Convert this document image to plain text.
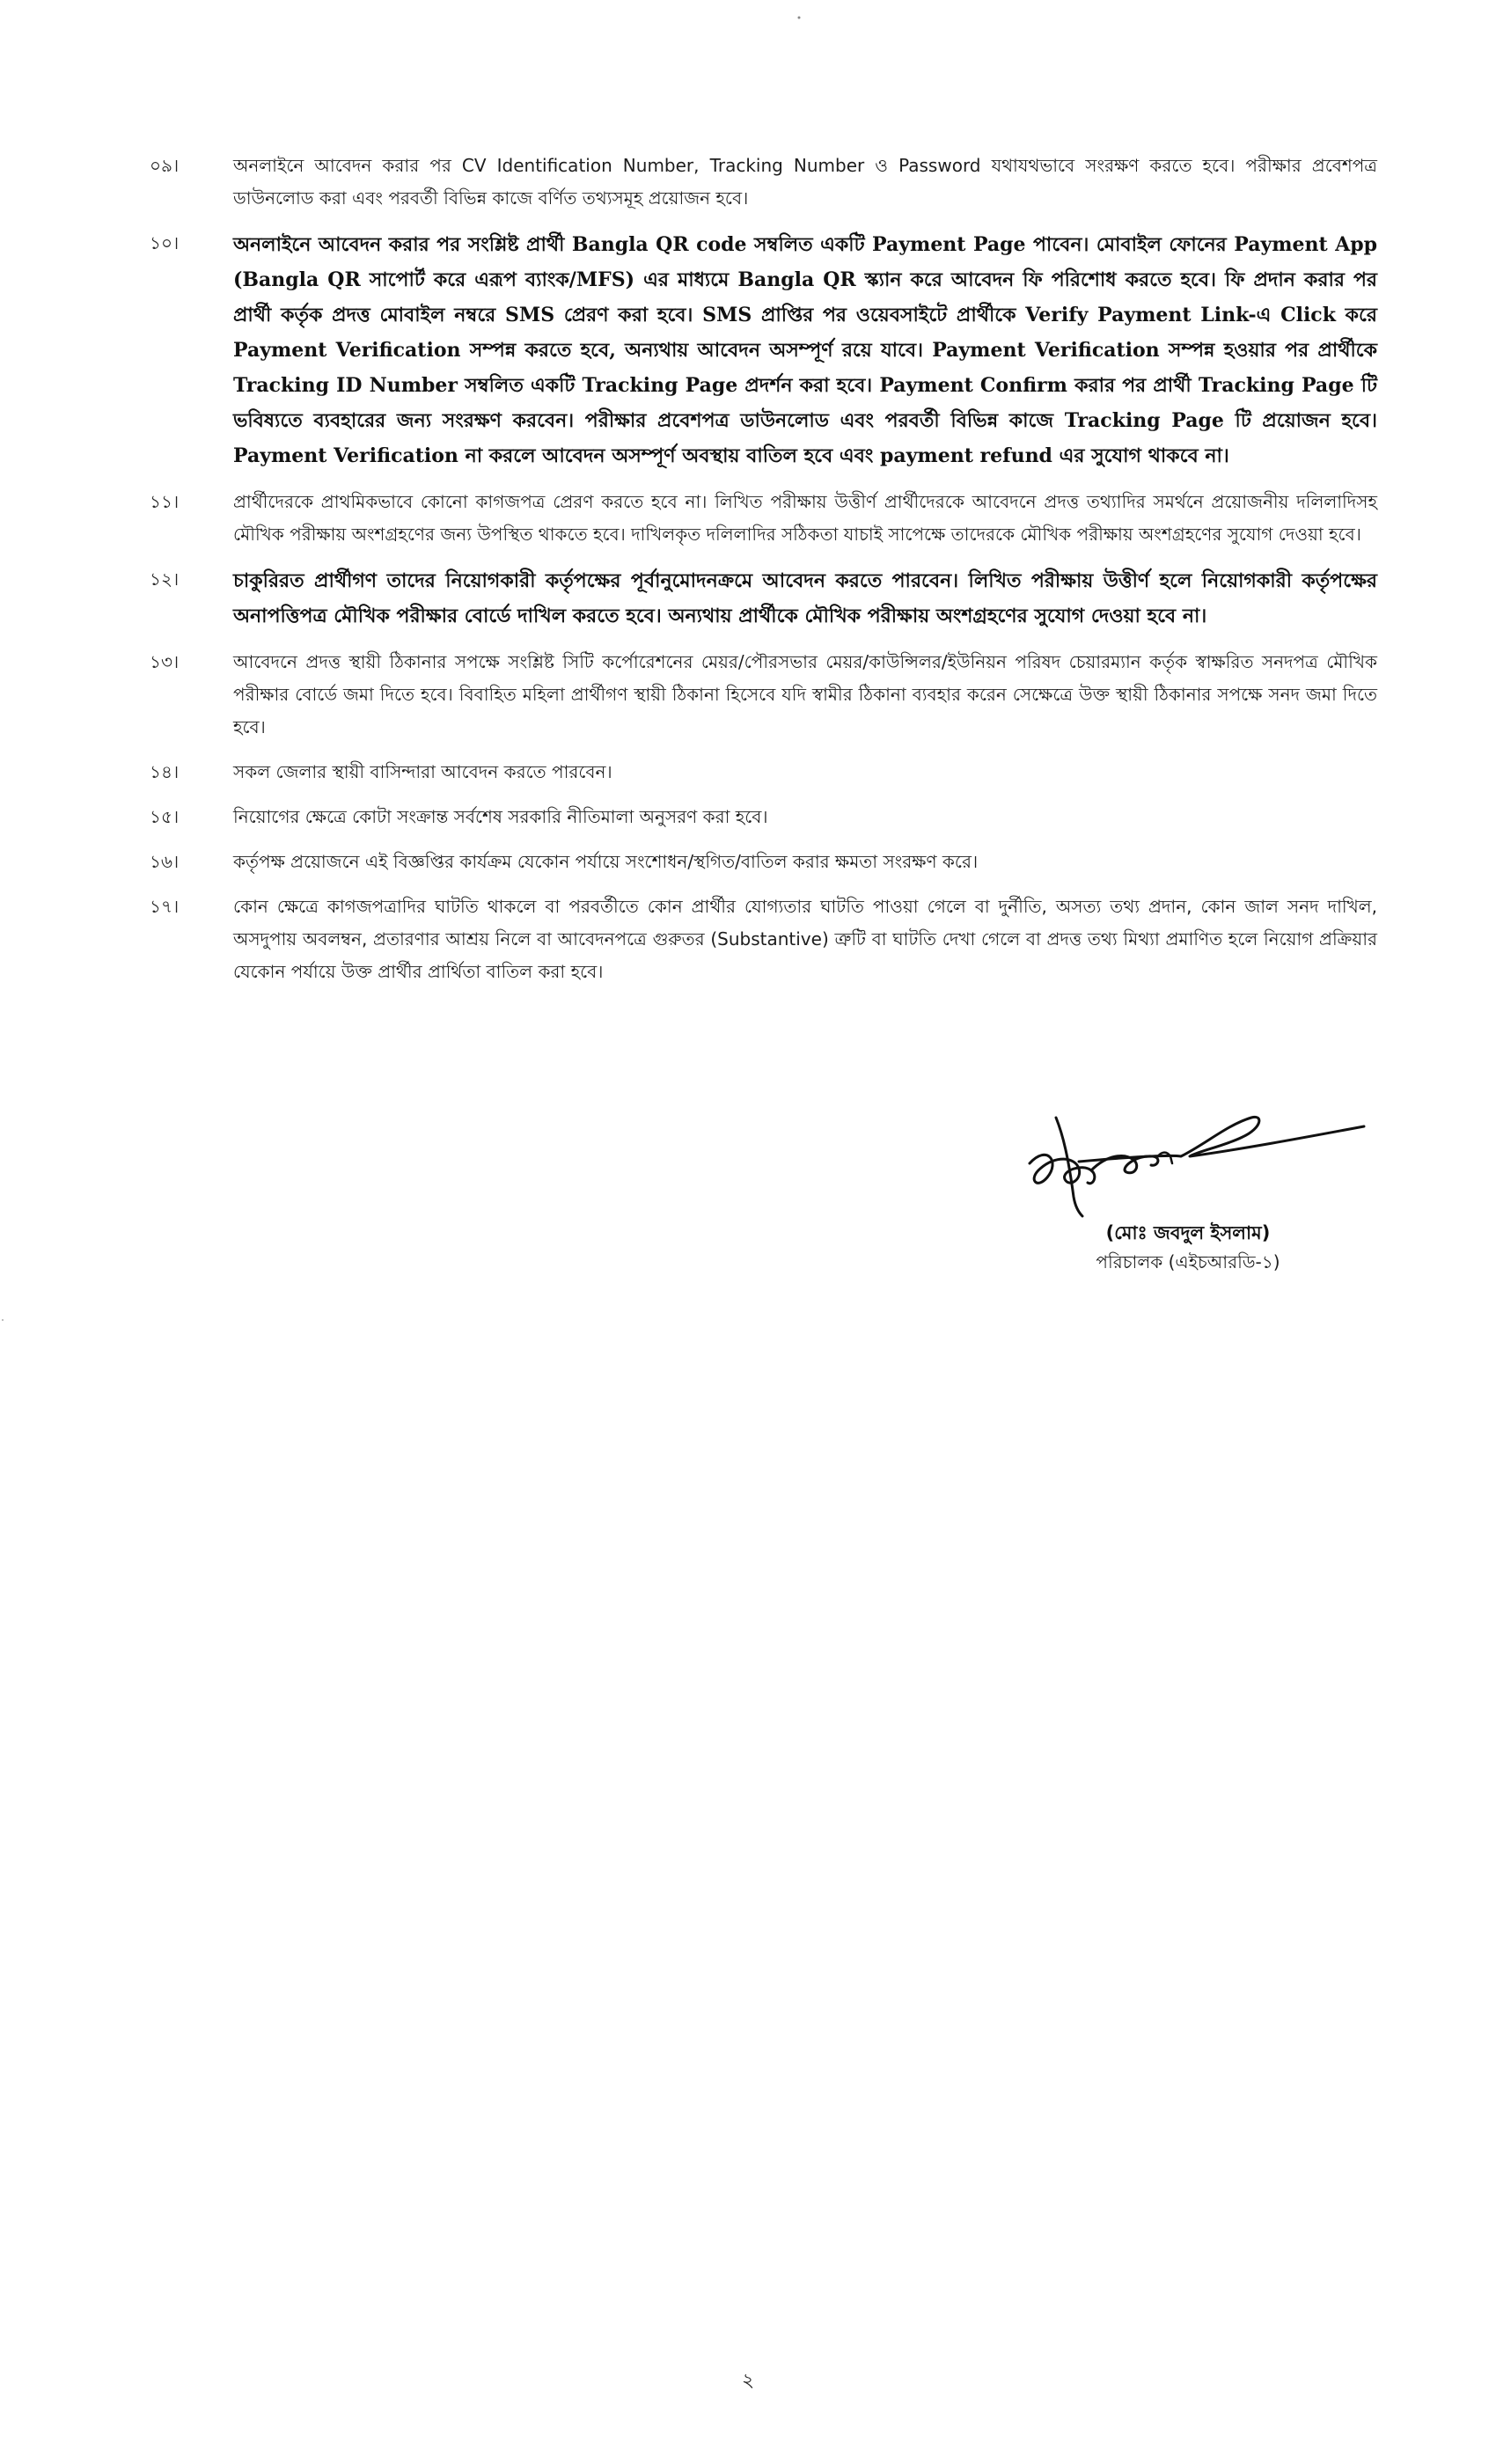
০৯।	অনলাইনে আবেদন করার পর CV Identification Number, Tracking Number ও Password যথাযথভাবে সংরক্ষণ করতে হবে। পরীক্ষার প্রবেশপত্র ডাউনলোড করা এবং পরবর্তী বিভিন্ন কাজে বর্ণিত তথ্যসমূহ প্রয়োজন হবে।
১০।	অনলাইনে আবেদন করার পর সংশ্লিষ্ট প্রার্থী Bangla QR code সম্বলিত একটি Payment Page পাবেন। মোবাইল ফোনের Payment App (Bangla QR সাপোর্ট করে এরূপ ব্যাংক/MFS) এর মাধ্যমে Bangla QR স্ক্যান করে আবেদন ফি পরিশোধ করতে হবে। ফি প্রদান করার পর প্রার্থী কর্তৃক প্রদত্ত মোবাইল নম্বরে SMS প্রেরণ করা হবে। SMS প্রাপ্তির পর ওয়েবসাইটে প্রার্থীকে Verify Payment Link-এ Click করে Payment Verification সম্পন্ন করতে হবে, অন্যথায় আবেদন অসম্পূর্ণ রয়ে যাবে। Payment Verification সম্পন্ন হওয়ার পর প্রার্থীকে Tracking ID Number সম্বলিত একটি Tracking Page প্রদর্শন করা হবে। Payment Confirm করার পর প্রার্থী Tracking Page টি ভবিষ্যতে ব্যবহারের জন্য সংরক্ষণ করবেন। পরীক্ষার প্রবেশপত্র ডাউনলোড এবং পরবর্তী বিভিন্ন কাজে Tracking Page টি প্রয়োজন হবে। Payment Verification না করলে আবেদন অসম্পূর্ণ অবস্থায় বাতিল হবে এবং payment refund এর সুযোগ থাকবে না।
১১।	প্রার্থীদেরকে প্রাথমিকভাবে কোনো কাগজপত্র প্রেরণ করতে হবে না। লিখিত পরীক্ষায় উত্তীর্ণ প্রার্থীদেরকে আবেদনে প্রদত্ত তথ্যাদির সমর্থনে প্রয়োজনীয় দলিলাদিসহ মৌখিক পরীক্ষায় অংশগ্রহণের জন্য উপস্থিত থাকতে হবে। দাখিলকৃত দলিলাদির সঠিকতা যাচাই সাপেক্ষে তাদেরকে মৌখিক পরীক্ষায় অংশগ্রহণের সুযোগ দেওয়া হবে।
১২।	চাকুরিরত প্রার্থীগণ তাদের নিয়োগকারী কর্তৃপক্ষের পূর্বানুমোদনক্রমে আবেদন করতে পারবেন। লিখিত পরীক্ষায় উত্তীর্ণ হলে নিয়োগকারী কর্তৃপক্ষের অনাপত্তিপত্র মৌখিক পরীক্ষার বোর্ডে দাখিল করতে হবে। অন্যথায় প্রার্থীকে মৌখিক পরীক্ষায় অংশগ্রহণের সুযোগ দেওয়া হবে না।
১৩।	আবেদনে প্রদত্ত স্থায়ী ঠিকানার সপক্ষে সংশ্লিষ্ট সিটি কর্পোরেশনের মেয়র/পৌরসভার মেয়র/কাউন্সিলর/ইউনিয়ন পরিষদ চেয়ারম্যান কর্তৃক স্বাক্ষরিত সনদপত্র মৌখিক পরীক্ষার বোর্ডে জমা দিতে হবে। বিবাহিত মহিলা প্রার্থীগণ স্থায়ী ঠিকানা হিসেবে যদি স্বামীর ঠিকানা ব্যবহার করেন সেক্ষেত্রে উক্ত স্থায়ী ঠিকানার সপক্ষে সনদ জমা দিতে হবে।
১৪।	সকল জেলার স্থায়ী বাসিন্দারা আবেদন করতে পারবেন।
১৫।	নিয়োগের ক্ষেত্রে কোটা সংক্রান্ত সর্বশেষ সরকারি নীতিমালা অনুসরণ করা হবে।
১৬।	কর্তৃপক্ষ প্রয়োজনে এই বিজ্ঞপ্তির কার্যক্রম যেকোন পর্যায়ে সংশোধন/স্থগিত/বাতিল করার ক্ষমতা সংরক্ষণ করে।
১৭।	কোন ক্ষেত্রে কাগজপত্রাদির ঘাটতি থাকলে বা পরবর্তীতে কোন প্রার্থীর যোগ্যতার ঘাটতি পাওয়া গেলে বা দুর্নীতি, অসত্য তথ্য প্রদান, কোন জাল সনদ দাখিল, অসদুপায় অবলম্বন, প্রতারণার আশ্রয় নিলে বা আবেদনপত্রে গুরুতর (Substantive) ত্রুটি বা ঘাটতি দেখা গেলে বা প্রদত্ত তথ্য মিথ্যা প্রমাণিত হলে নিয়োগ প্রক্রিয়ার যেকোন পর্যায়ে উক্ত প্রার্থীর প্রার্থিতা বাতিল করা হবে।
(মোঃ জবদুল ইসলাম)
পরিচালক (এইচআরডি-১)
২
